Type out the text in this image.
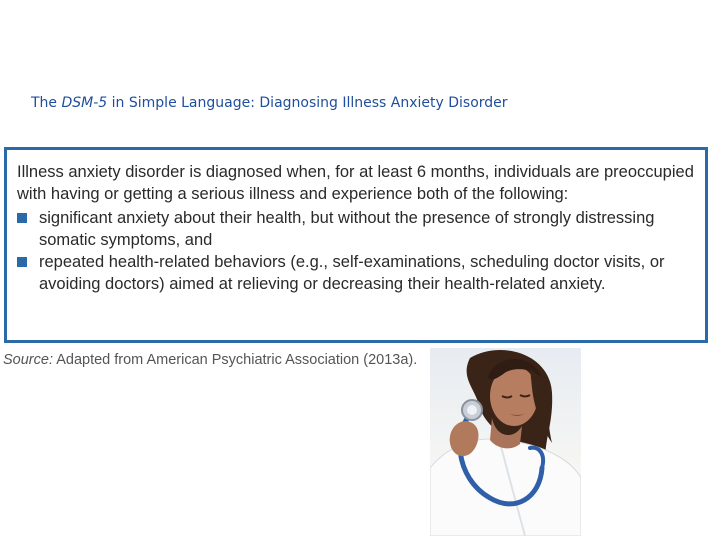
The DSM-5 in Simple Language: Diagnosing Illness Anxiety Disorder

Illness anxiety disorder is diagnosed when, for at least 6 months, individuals are preoccupied with having or getting a serious illness and experience both of the following:

significant anxiety about their health, but without the presence of strongly distressing somatic symptoms, and
repeated health-related behaviors (e.g., self-examinations, scheduling doctor visits, or avoiding doctors) aimed at relieving or decreasing their health-related anxiety.
Source: Adapted from American Psychiatric Association (2013a).
